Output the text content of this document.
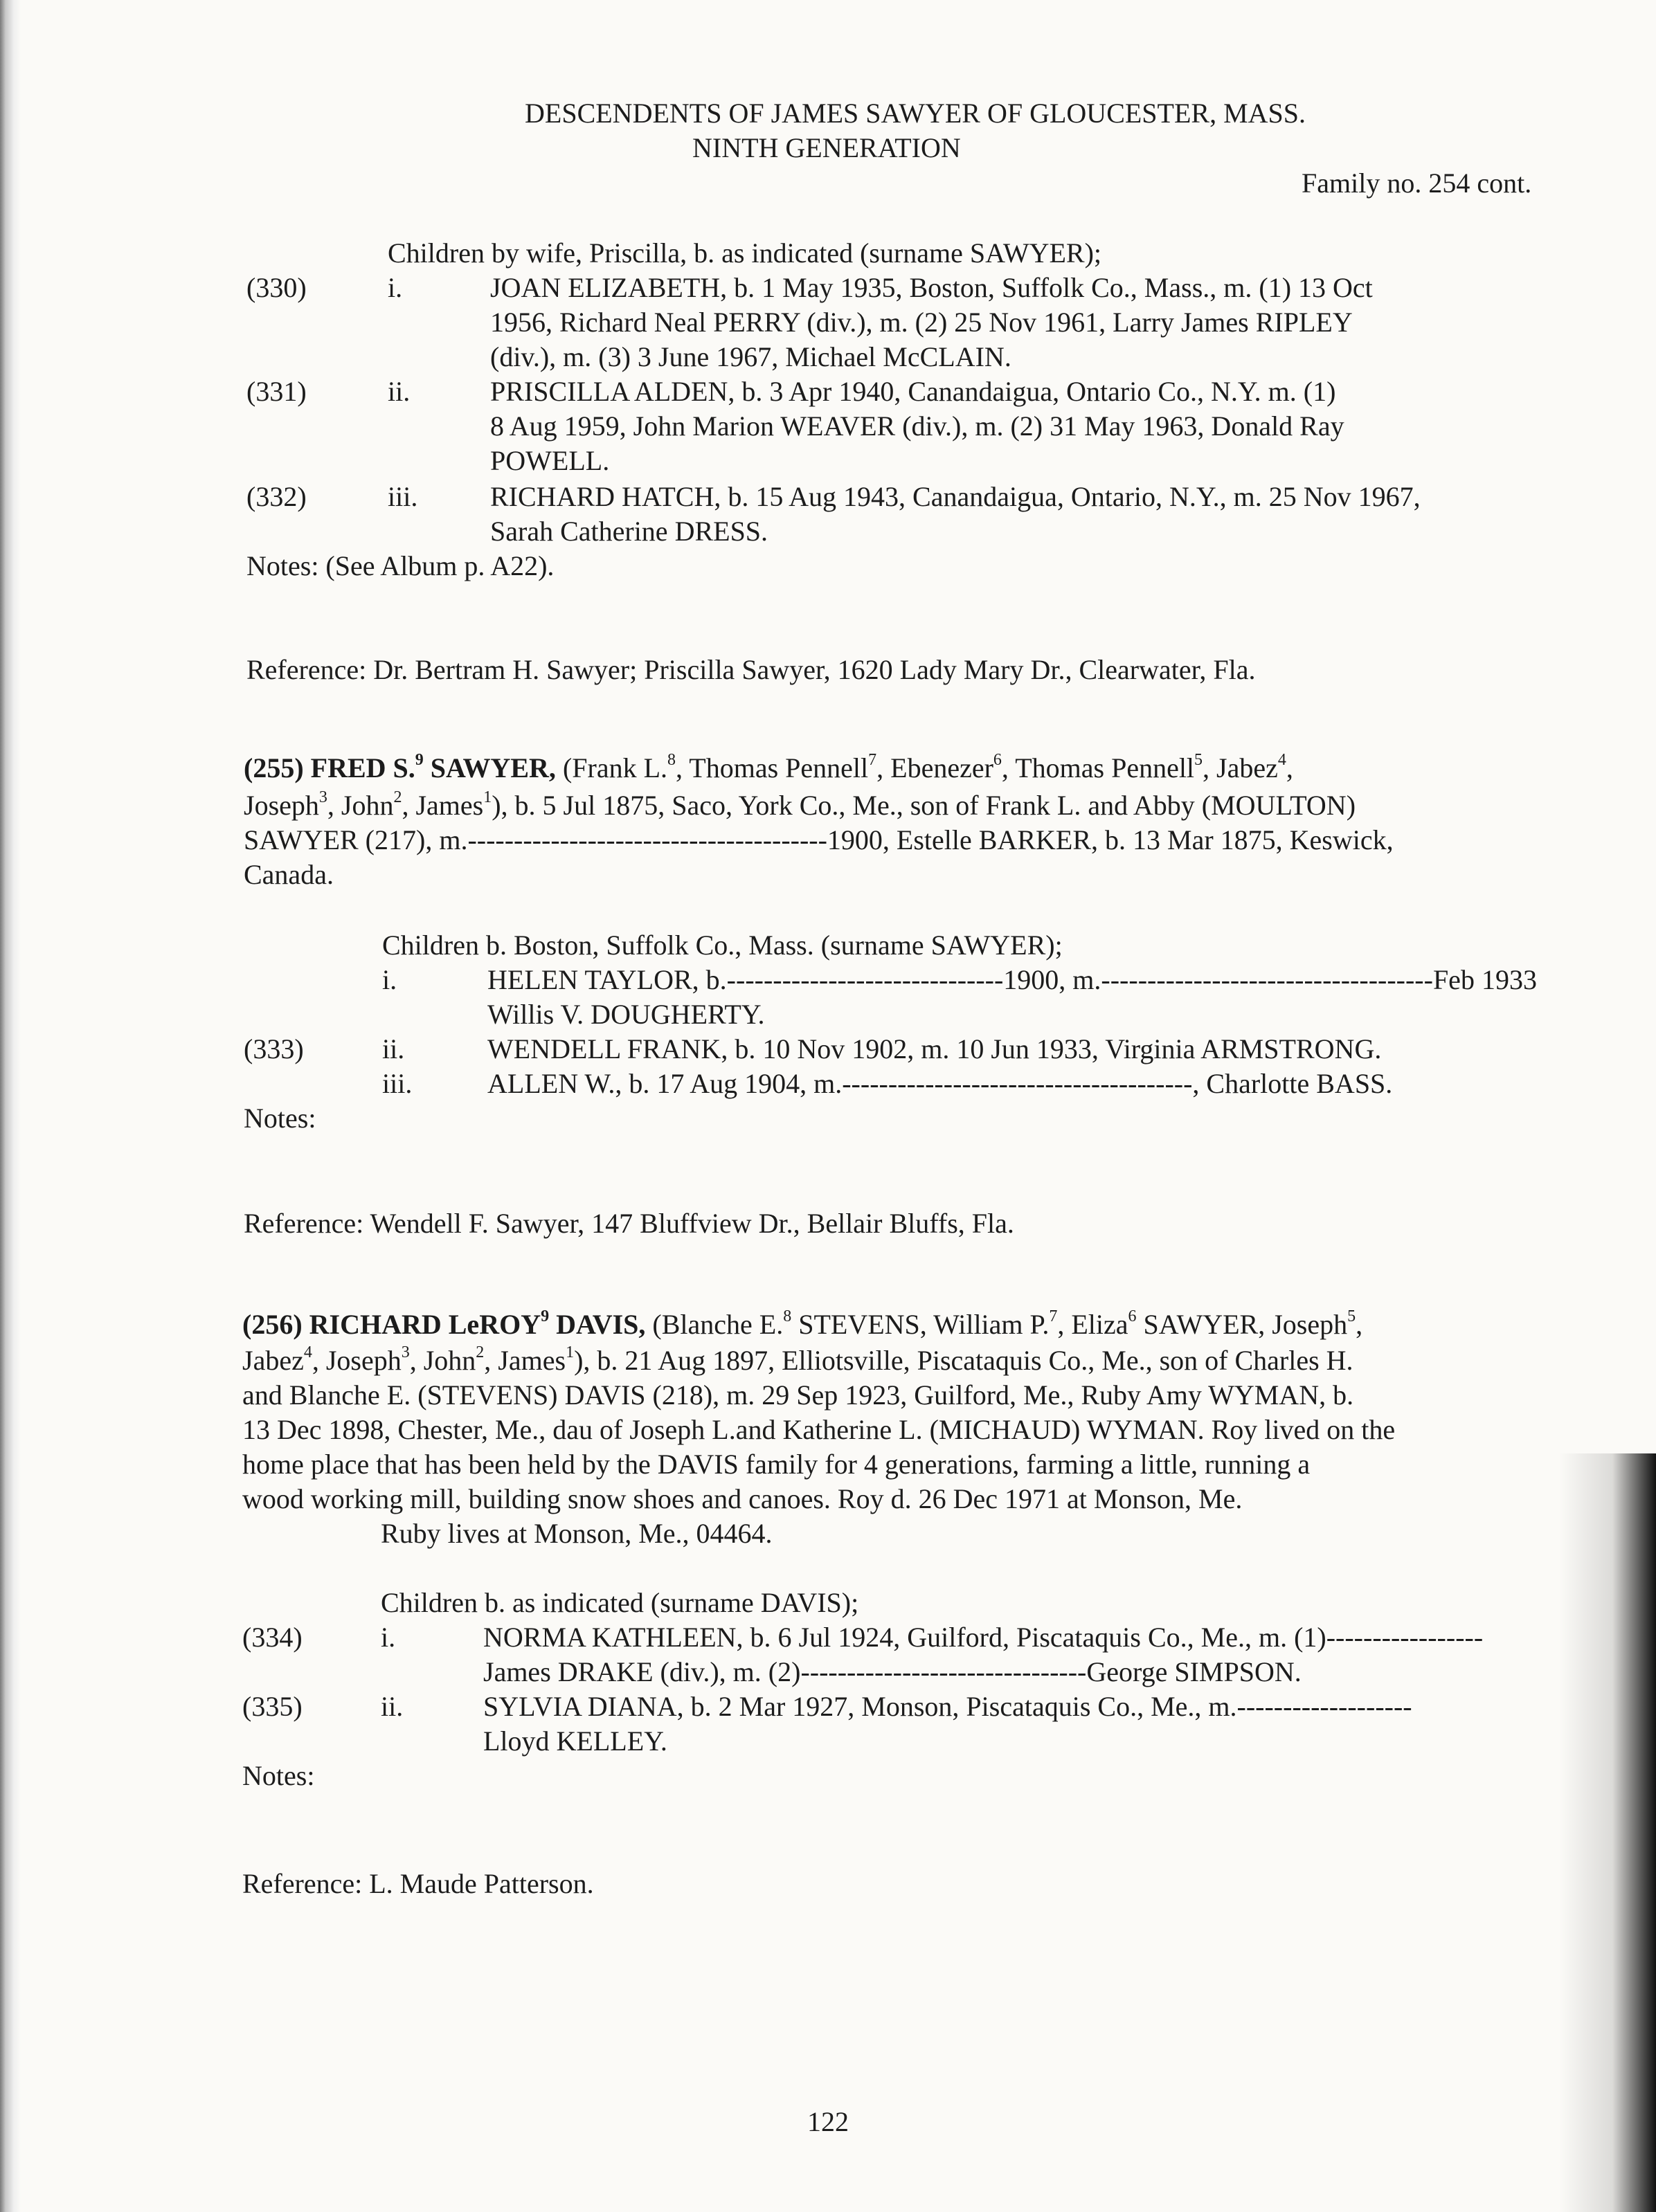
DESCENDENTS OF JAMES SAWYER OF GLOUCESTER, MASS.
NINTH GENERATION
Family no. 254 cont.
Children by wife, Priscilla, b. as indicated (surname SAWYER);
(330)	i.	JOAN ELIZABETH, b. 1 May 1935, Boston, Suffolk Co., Mass., m. (1) 13 Oct
1956, Richard Neal PERRY (div.), m. (2) 25 Nov 1961, Larry James RIPLEY
(div.), m. (3) 3 June 1967, Michael McCLAIN.
(331)	ii.	PRISCILLA ALDEN, b. 3 Apr 1940, Canandaigua, Ontario Co., N.Y. m. (1)
8 Aug 1959, John Marion WEAVER (div.), m. (2) 31 May 1963, Donald Ray
POWELL.
(332)	iii.	RICHARD HATCH, b. 15 Aug 1943, Canandaigua, Ontario, N.Y., m. 25 Nov 1967,
Sarah Catherine DRESS.
Notes: (See Album p. A22).
Reference: Dr. Bertram H. Sawyer; Priscilla Sawyer, 1620 Lady Mary Dr., Clearwater, Fla.
(255) FRED S.$^9$ SAWYER, (Frank L.$^8$, Thomas Pennell$^7$, Ebenezer$^6$, Thomas Pennell$^5$, Jabez$^4$,
Joseph$^3$, John$^2$, James$^1$), b. 5 Jul 1875, Saco, York Co., Me., son of Frank L. and Abby (MOULTON)
SAWYER (217), m.---------------------------------------1900, Estelle BARKER, b. 13 Mar 1875, Keswick,
Canada.
Children b. Boston, Suffolk Co., Mass. (surname SAWYER);
i.	HELEN TAYLOR, b.------------------------------1900, m.------------------------------------Feb 1933
Willis V. DOUGHERTY.
(333)	ii.	WENDELL FRANK, b. 10 Nov 1902, m. 10 Jun 1933, Virginia ARMSTRONG.
iii.	ALLEN W., b. 17 Aug 1904, m.--------------------------------------, Charlotte BASS.
Notes:
Reference: Wendell F. Sawyer, 147 Bluffview Dr., Bellair Bluffs, Fla.
(256) RICHARD LeROY$^9$ DAVIS, (Blanche E.$^8$ STEVENS, William P.$^7$, Eliza$^6$ SAWYER, Joseph$^5$,
Jabez$^4$, Joseph$^3$, John$^2$, James$^1$), b. 21 Aug 1897, Elliotsville, Piscataquis Co., Me., son of Charles H.
and Blanche E. (STEVENS) DAVIS (218), m. 29 Sep 1923, Guilford, Me., Ruby Amy WYMAN, b.
13 Dec 1898, Chester, Me., dau of Joseph L.and Katherine L. (MICHAUD) WYMAN. Roy lived on the
home place that has been held by the DAVIS family for 4 generations, farming a little, running a
wood working mill, building snow shoes and canoes. Roy d. 26 Dec 1971 at Monson, Me.
Ruby lives at Monson, Me., 04464.
Children b. as indicated (surname DAVIS);
(334)	i.	NORMA KATHLEEN, b. 6 Jul 1924, Guilford, Piscataquis Co., Me., m. (1)-----------------
James DRAKE (div.), m. (2)-------------------------------George SIMPSON.
(335)	ii.	SYLVIA DIANA, b. 2 Mar 1927, Monson, Piscataquis Co., Me., m.-------------------
Lloyd KELLEY.
Notes:
Reference: L. Maude Patterson.
122
